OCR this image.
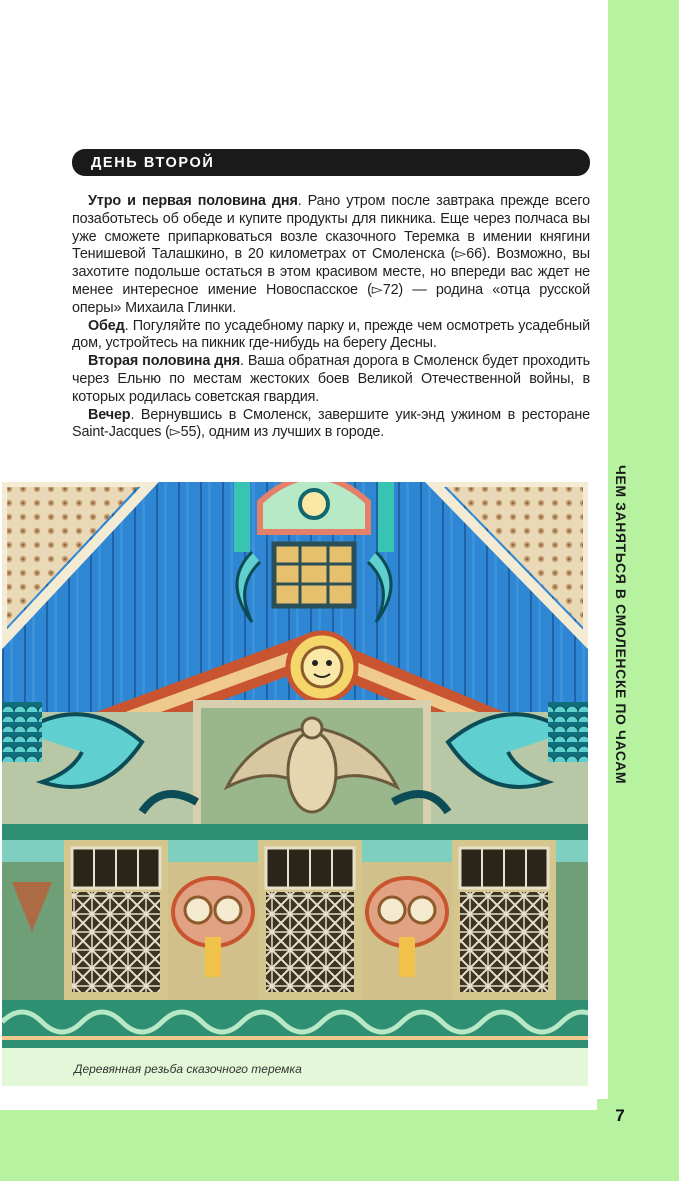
ЧЕМ ЗАНЯТЬСЯ В СМОЛЕНСКЕ ПО ЧАСАМ
7
ДЕНЬ ВТОРОЙ

Утро и первая половина дня. Рано утром после завтрака прежде всего позаботьтесь об обеде и купите продукты для пикника. Еще через полчаса вы уже сможете припарковаться возле сказочного Теремка в имении княгини Тенишевой Талашкино, в 20 километрах от Смоленска (▻66). Возможно, вы захотите подольше остаться в этом красивом месте, но впереди вас ждет не менее интересное имение Новоспасское (▻72) — родина «отца русской оперы» Михаила Глинки.

Обед. Погуляйте по усадебному парку и, прежде чем осмотреть усадебный дом, устройтесь на пикник где-нибудь на берегу Десны.

Вторая половина дня. Ваша обратная дорога в Смоленск будет проходить через Ельню по местам жестоких боев Великой Отечественной войны, в которых родилась советская гвардия.

Вечер. Вернувшись в Смоленск, завершите уик-энд ужином в ресторане Saint-Jacques (▻55), одним из лучших в городе.

Деревянная резьба сказочного теремка
